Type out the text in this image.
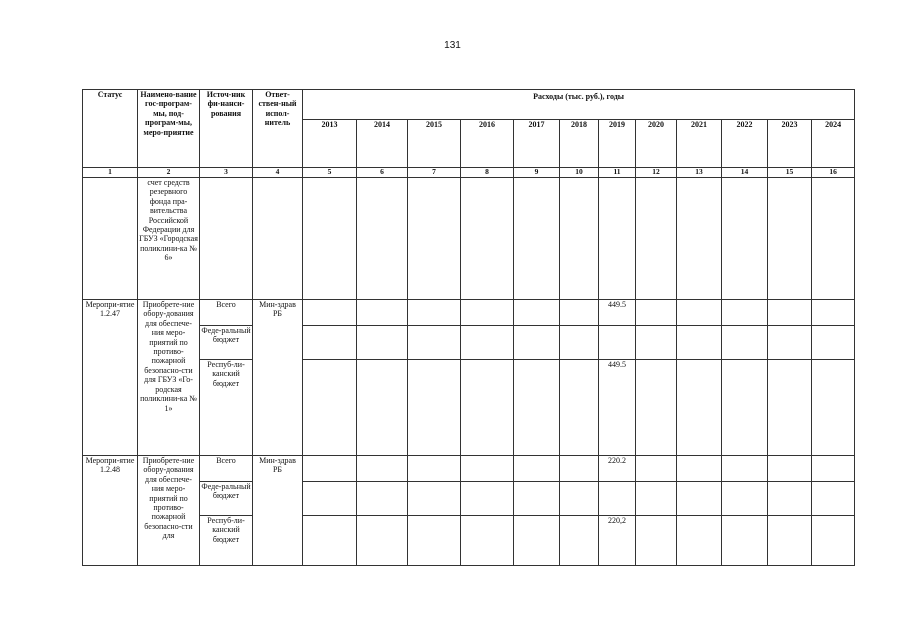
131
Статус	Наимено-вание гос-програм-мы, под-програм-мы, меро-приятие	Источ-ник фи-нанси-рования	Ответ-ствен-ный испол-нитель	Расходы (тыс. руб.), годы											
				2013	2014	2015	2016	2017	2018	2019	2020	2021	2022	2023	2024
1	2	3	4	5	6	7	8	9	10	11	12	13	14	15	16
	счет средств резервного фонда пра-вительства Российской Федерации для ГБУЗ «Городская поликлини-ка № 6»														
Меропри-ятие 1.2.47	Приобрете-ние обору-дования для обеспече-ния меро-приятий по противо-пожарной безопасно-сти для ГБУЗ «Го-родская поликлини-ка № 1»	Всего	Мин-здрав РБ							449.5					
		Феде-ральный бюджет													
		Респуб-ли-канский бюджет								449.5					
Меропри-ятие 1.2.48	Приобрете-ние обору-дования для обеспече-ния меро-приятий по противо-пожарной безопасно-сти для	Всего	Мин-здрав РБ							220.2					
		Феде-ральный бюджет													
		Респуб-ли-канский бюджет								220,2					
